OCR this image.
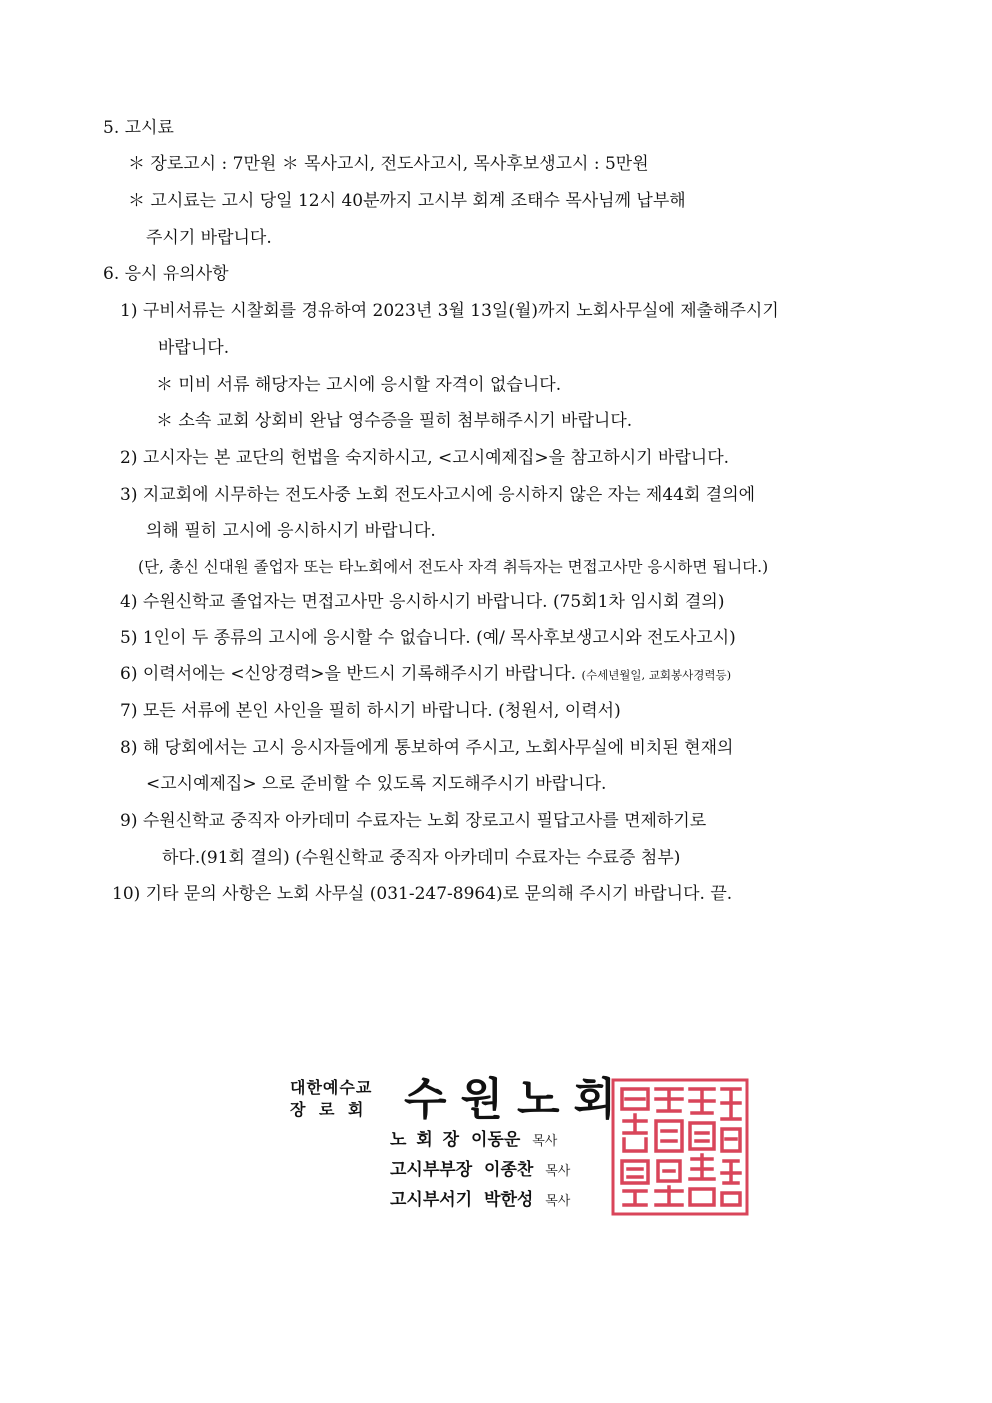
5. 고시료
＊ 장로고시 : 7만원 ＊ 목사고시, 전도사고시, 목사후보생고시 : 5만원
＊ 고시료는 고시 당일 12시 40분까지 고시부 회계 조태수 목사님께 납부해
주시기 바랍니다.
6. 응시 유의사항
1) 구비서류는 시찰회를 경유하여 2023년 3월 13일(월)까지 노회사무실에 제출해주시기
바랍니다.
＊ 미비 서류 해당자는 고시에 응시할 자격이 없습니다.
＊ 소속 교회 상회비 완납 영수증을 필히 첨부해주시기 바랍니다.
2) 고시자는 본 교단의 헌법을 숙지하시고, <고시예제집>을 참고하시기 바랍니다.
3) 지교회에 시무하는 전도사중 노회 전도사고시에 응시하지 않은 자는 제44회 결의에
의해 필히 고시에 응시하시기 바랍니다.
(단, 총신 신대원 졸업자 또는 타노회에서 전도사 자격 취득자는 면접고사만 응시하면 됩니다.)
4) 수원신학교 졸업자는 면접고사만 응시하시기 바랍니다. (75회1차 임시회 결의)
5) 1인이 두 종류의 고시에 응시할 수 없습니다. (예/ 목사후보생고시와 전도사고시)
6) 이력서에는 <신앙경력>을 반드시 기록해주시기 바랍니다. (수세년월일, 교회봉사경력등)
7) 모든 서류에 본인 사인을 필히 하시기 바랍니다. (청원서, 이력서)
8) 해 당회에서는 고시 응시자들에게 통보하여 주시고, 노회사무실에 비치된 현재의
<고시예제집> 으로 준비할 수 있도록 지도해주시기 바랍니다.
9) 수원신학교 중직자 아카데미 수료자는 노회 장로고시 필답고사를 면제하기로
하다.(91회 결의) (수원신학교 중직자 아카데미 수료자는 수료증 첨부)
10) 기타 문의 사항은 노회 사무실 (031-247-8964)로 문의해 주시기 바랍니다. 끝.
대한예수교
장 로 회 수원노회
노 회 장 이동운 목사
고시부부장 이종찬 목사
고시부서기 박한성 목사
